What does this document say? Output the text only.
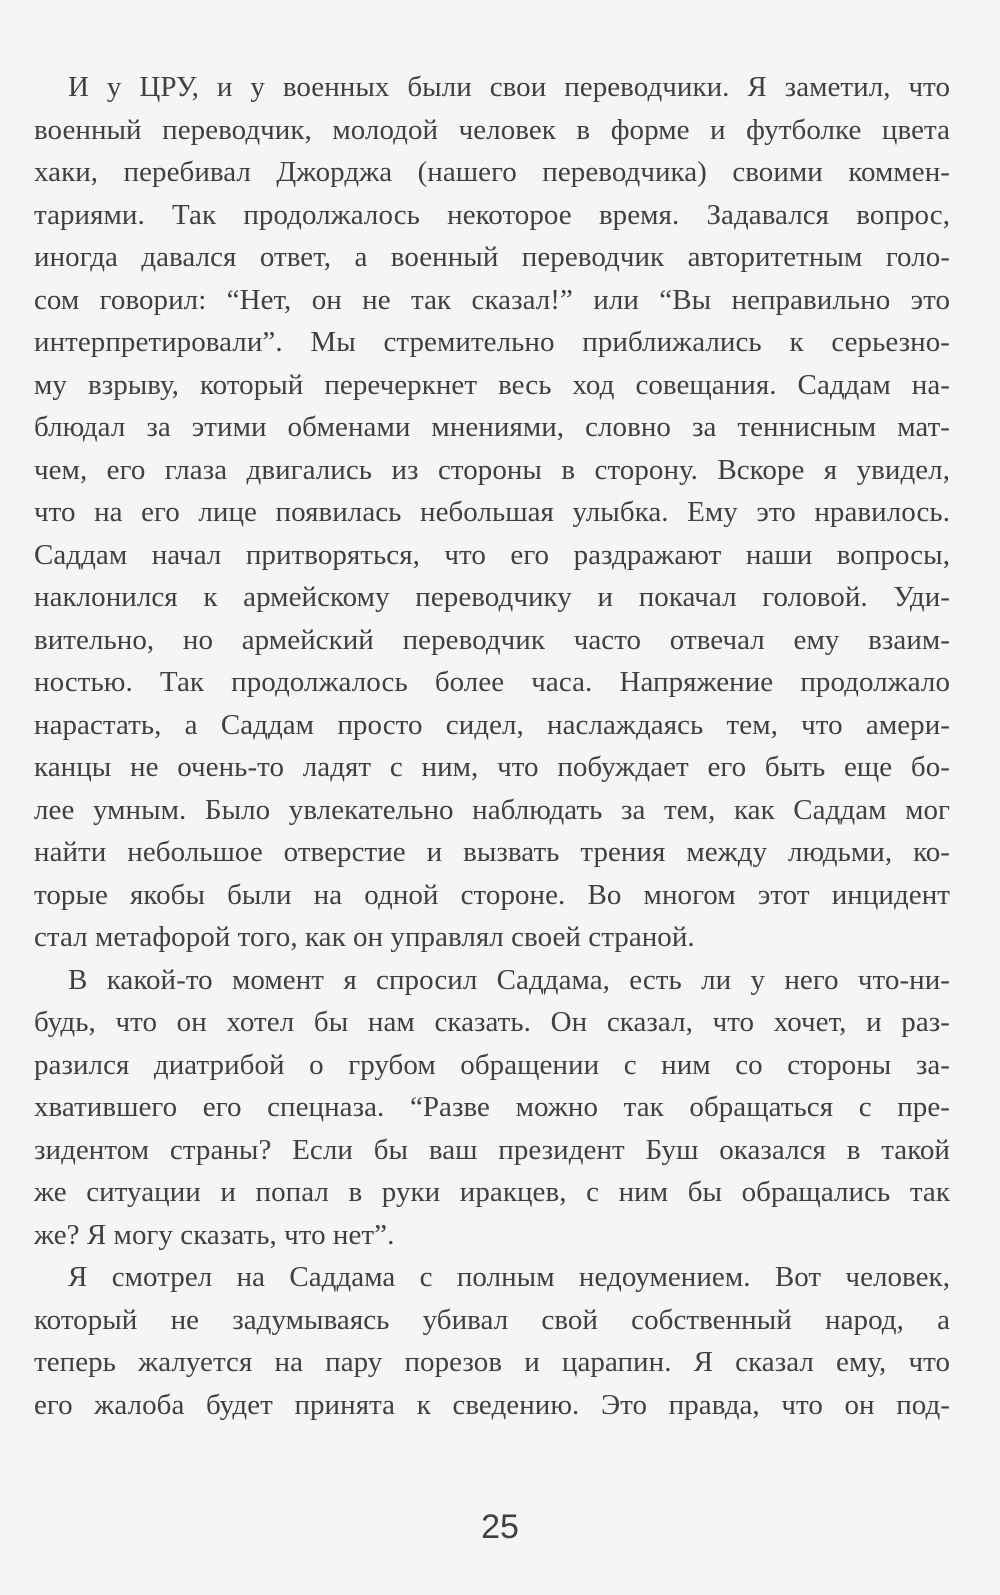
И у ЦРУ, и у военных были свои переводчики. Я заметил, что
военный переводчик, молодой человек в форме и футболке цвета
хаки, перебивал Джорджа (нашего переводчика) своими коммен-
тариями. Так продолжалось некоторое время. Задавался вопрос,
иногда давался ответ, а военный переводчик авторитетным голо-
сом говорил: “Нет, он не так сказал!” или “Вы неправильно это
интерпретировали”. Мы стремительно приближались к серьезно-
му взрыву, который перечеркнет весь ход совещания. Саддам на-
блюдал за этими обменами мнениями, словно за теннисным мат-
чем, его глаза двигались из стороны в сторону. Вскоре я увидел,
что на его лице появилась небольшая улыбка. Ему это нравилось.
Саддам начал притворяться, что его раздражают наши вопросы,
наклонился к армейскому переводчику и покачал головой. Уди-
вительно, но армейский переводчик часто отвечал ему взаим-
ностью. Так продолжалось более часа. Напряжение продолжало
нарастать, а Саддам просто сидел, наслаждаясь тем, что амери-
канцы не очень-то ладят с ним, что побуждает его быть еще бо-
лее умным. Было увлекательно наблюдать за тем, как Саддам мог
найти небольшое отверстие и вызвать трения между людьми, ко-
торые якобы были на одной стороне. Во многом этот инцидент
стал метафорой того, как он управлял своей страной.
В какой-то момент я спросил Саддама, есть ли у него что-ни-
будь, что он хотел бы нам сказать. Он сказал, что хочет, и раз-
разился диатрибой о грубом обращении с ним со стороны за-
хватившего его спецназа. “Разве можно так обращаться с пре-
зидентом страны? Если бы ваш президент Буш оказался в такой
же ситуации и попал в руки иракцев, с ним бы обращались так
же? Я могу сказать, что нет”.
Я смотрел на Саддама с полным недоумением. Вот человек,
который не задумываясь убивал свой собственный народ, а
теперь жалуется на пару порезов и царапин. Я сказал ему, что
его жалоба будет принята к сведению. Это правда, что он под-
25
